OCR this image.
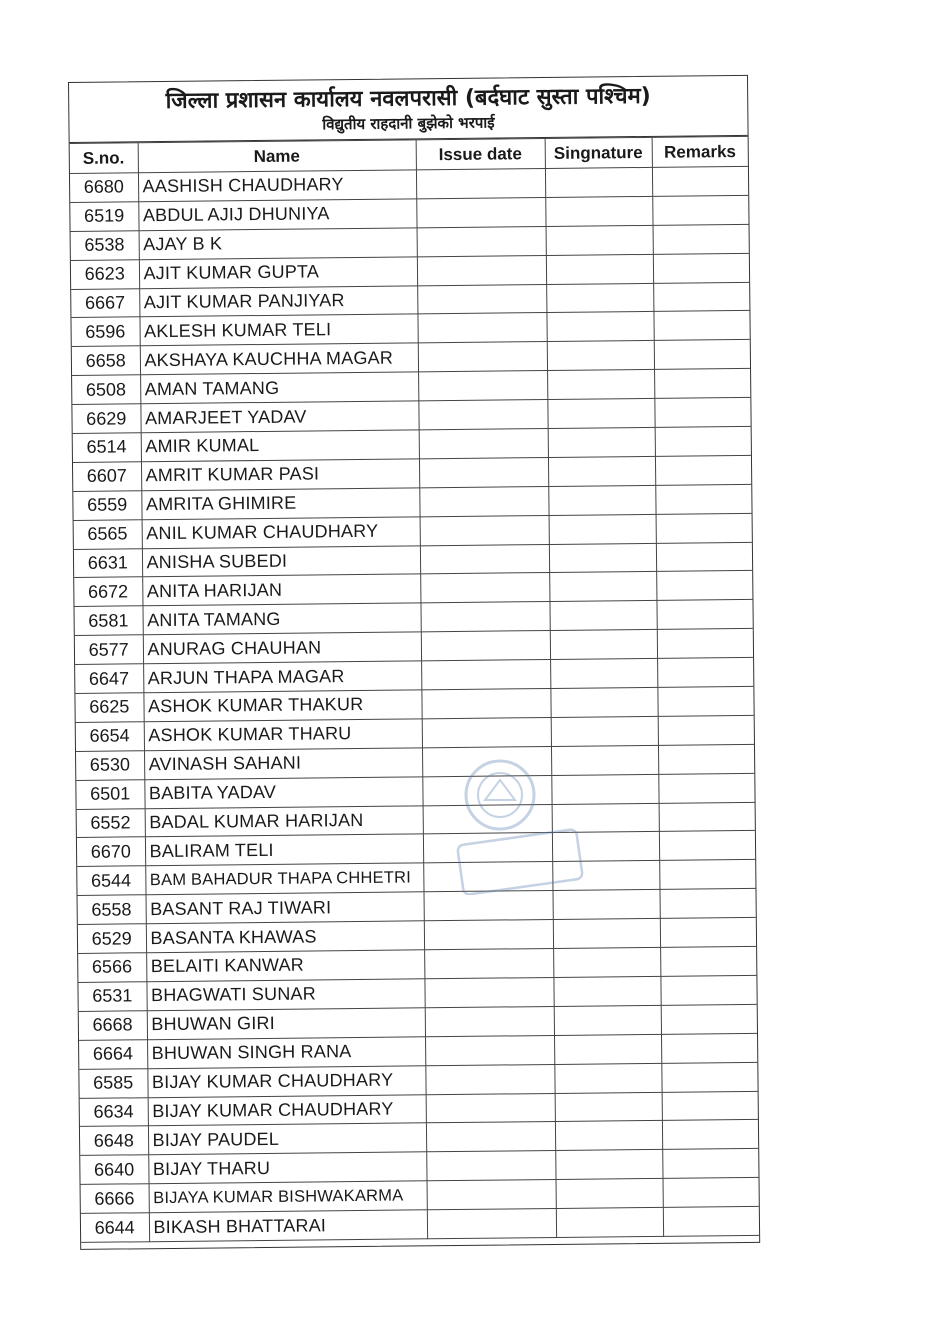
जिल्ला प्रशासन कार्यालय नवलपरासी (बर्दघाट सुस्ता पश्चिम)

विद्युतीय राहदानी बुझेको भरपाई

S.no.	Name	Issue date	Singnature	Remarks
6680	AASHISH CHAUDHARY			
6519	ABDUL AJIJ DHUNIYA			
6538	AJAY B K			
6623	AJIT KUMAR GUPTA			
6667	AJIT KUMAR PANJIYAR			
6596	AKLESH KUMAR TELI			
6658	AKSHAYA KAUCHHA MAGAR			
6508	AMAN TAMANG			
6629	AMARJEET YADAV			
6514	AMIR KUMAL			
6607	AMRIT KUMAR PASI			
6559	AMRITA GHIMIRE			
6565	ANIL KUMAR CHAUDHARY			
6631	ANISHA SUBEDI			
6672	ANITA HARIJAN			
6581	ANITA TAMANG			
6577	ANURAG CHAUHAN			
6647	ARJUN THAPA MAGAR			
6625	ASHOK KUMAR THAKUR			
6654	ASHOK KUMAR THARU			
6530	AVINASH SAHANI			
6501	BABITA YADAV			
6552	BADAL KUMAR HARIJAN			
6670	BALIRAM TELI			
6544	BAM BAHADUR THAPA CHHETRI			
6558	BASANT RAJ TIWARI			
6529	BASANTA KHAWAS			
6566	BELAITI KANWAR			
6531	BHAGWATI SUNAR			
6668	BHUWAN GIRI			
6664	BHUWAN SINGH RANA			
6585	BIJAY KUMAR CHAUDHARY			
6634	BIJAY KUMAR CHAUDHARY			
6648	BIJAY PAUDEL			
6640	BIJAY THARU			
6666	BIJAYA KUMAR BISHWAKARMA			
6644	BIKASH BHATTARAI			
